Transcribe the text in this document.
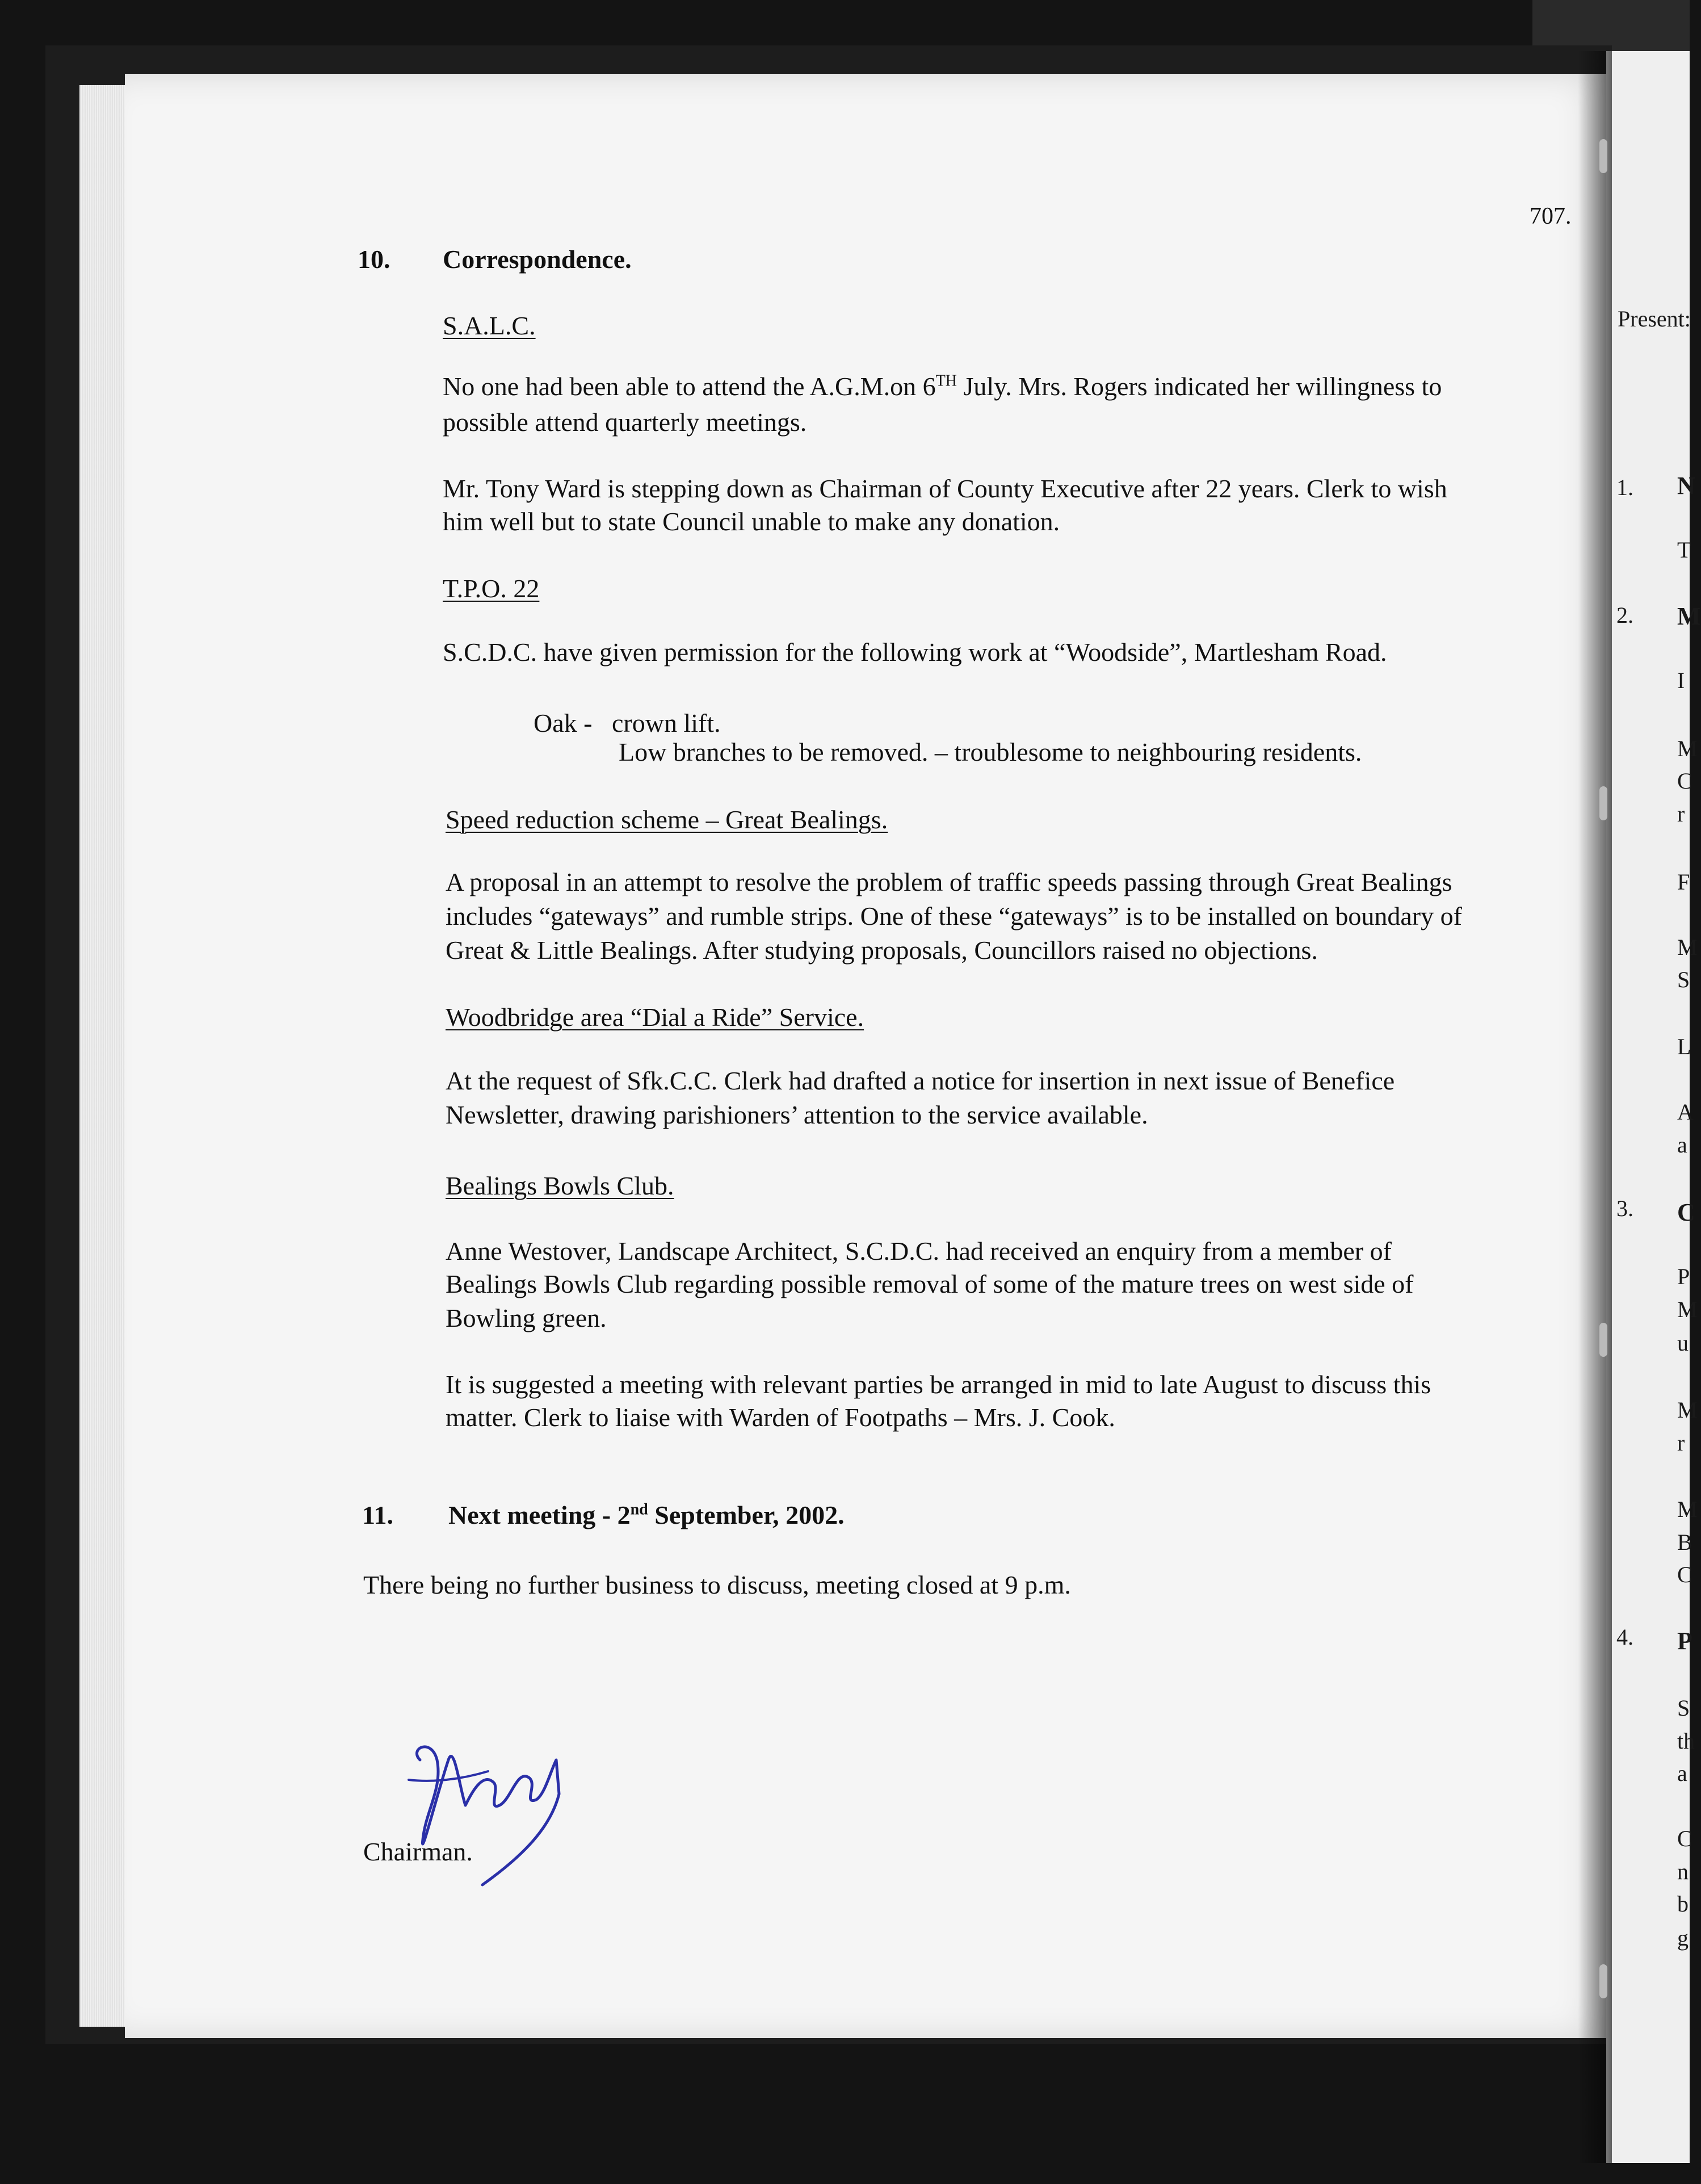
707.
10. Correspondence.
S.A.L.C.
No one had been able to attend the A.G.M.on 6TH July. Mrs. Rogers indicated her willingness to
possible attend quarterly meetings.
Mr. Tony Ward is stepping down as Chairman of County Executive after 22 years. Clerk to wish
him well but to state Council unable to make any donation.
T.P.O. 22
S.C.D.C. have given permission for the following work at “Woodside”, Martlesham Road.
Oak - crown lift.
Low branches to be removed. – troublesome to neighbouring residents.
Speed reduction scheme – Great Bealings.
A proposal in an attempt to resolve the problem of traffic speeds passing through Great Bealings
includes “gateways” and rumble strips. One of these “gateways” is to be installed on boundary of
Great & Little Bealings. After studying proposals, Councillors raised no objections.
Woodbridge area “Dial a Ride” Service.
At the request of Sfk.C.C. Clerk had drafted a notice for insertion in next issue of Benefice
Newsletter, drawing parishioners’ attention to the service available.
Bealings Bowls Club.
Anne Westover, Landscape Architect, S.C.D.C. had received an enquiry from a member of
Bealings Bowls Club regarding possible removal of some of the mature trees on west side of
Bowling green.
It is suggested a meeting with relevant parties be arranged in mid to late August to discuss this
matter. Clerk to liaise with Warden of Footpaths – Mrs. J. Cook.
11. Next meeting - 2nd September, 2002.
There being no further business to discuss, meeting closed at 9 p.m.
Chairman.
Present:
1.
2.
3.
4.
N
T
M
I
M
C
r
F
M
S
L
A
a
C
P
M
u
M
r
M
B
C
P
S
th
a
C
n
b
g
